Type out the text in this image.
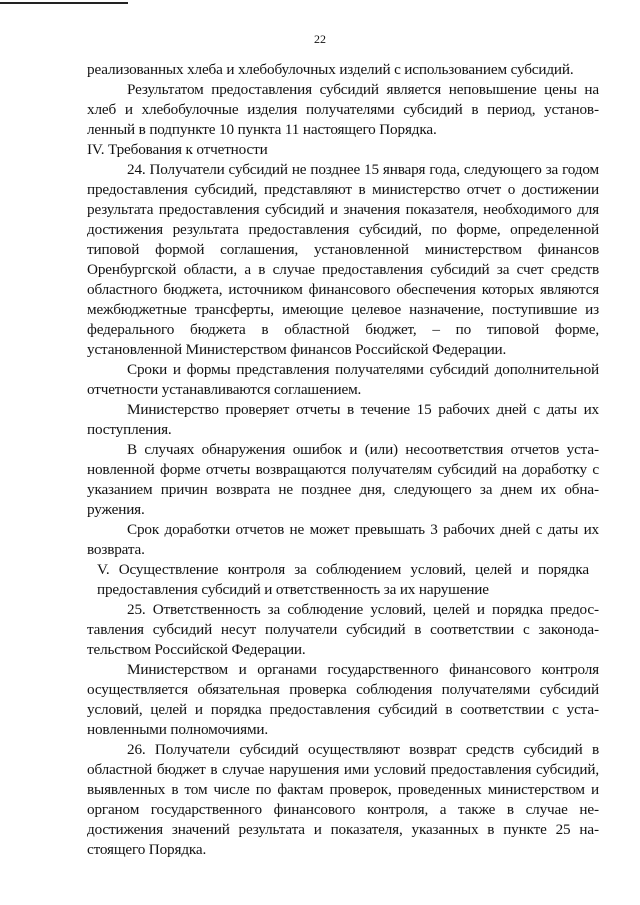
22

реализованных хлеба и хлебобулочных изделий с использованием субсидий.

Результатом предоставления субсидий является неповышение цены на хлеб и хлебобулочные изделия получателями субсидий в период, установленный в подпункте 10 пункта 11 настоящего Порядка.

IV. Требования к отчетности

24. Получатели субсидий не позднее 15 января года, следующего за годом предоставления субсидий, представляют в министерство отчет о достижении результата предоставления субсидий и значения показателя, необходимого для достижения результата предоставления субсидий, по форме, определенной типовой формой соглашения, установленной министерством финансов Оренбургской области, а в случае предоставления субсидий за счет средств областного бюджета, источником финансового обеспечения которых являются межбюджетные трансферты, имеющие целевое назначение, поступившие из федерального бюджета в областной бюджет, – по типовой форме, установленной Министерством финансов Российской Федерации.

Сроки и формы представления получателями субсидий дополнительной отчетности устанавливаются соглашением.

Министерство проверяет отчеты в течение 15 рабочих дней с даты их поступления.

В случаях обнаружения ошибок и (или) несоответствия отчетов установленной форме отчеты возвращаются получателям субсидий на доработку с указанием причин возврата не позднее дня, следующего за днем их обнаружения.

Срок доработки отчетов не может превышать 3 рабочих дней с даты их возврата.

V. Осуществление контроля за соблюдением условий, целей и порядка предоставления субсидий и ответственность за их нарушение

25. Ответственность за соблюдение условий, целей и порядка предоставления субсидий несут получатели субсидий в соответствии с законодательством Российской Федерации.

Министерством и органами государственного финансового контроля осуществляется обязательная проверка соблюдения получателями субсидий условий, целей и порядка предоставления субсидий в соответствии с установленными полномочиями.

26. Получатели субсидий осуществляют возврат средств субсидий в областной бюджет в случае нарушения ими условий предоставления субсидий, выявленных в том числе по фактам проверок, проведенных министерством и органом государственного финансового контроля, а также в случае недостижения значений результата и показателя, указанных в пункте 25 настоящего Порядка.
